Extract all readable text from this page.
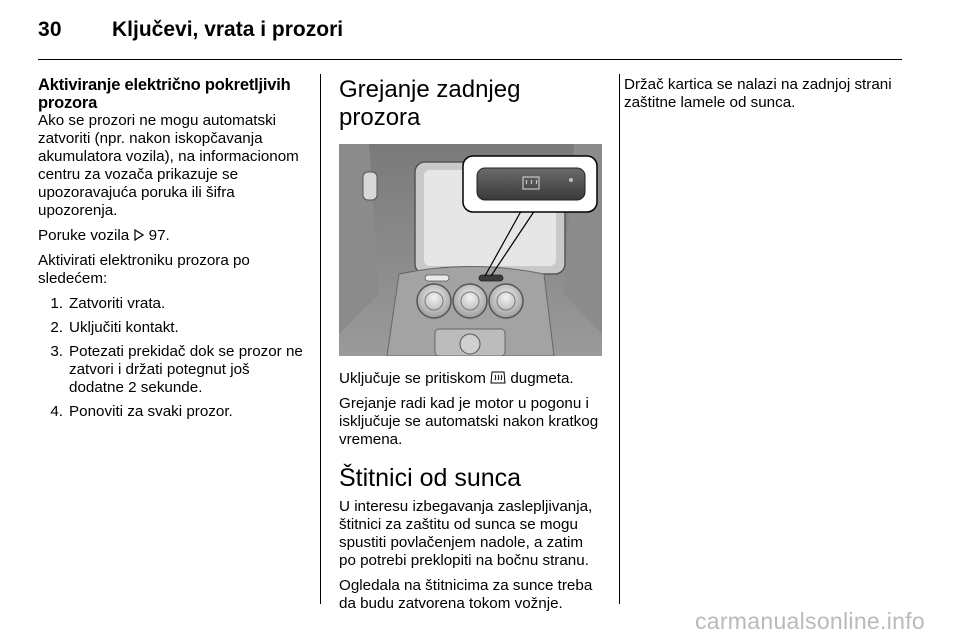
30 Ključevi, vrata i prozori
Aktiviranje električno pokretljivih prozora

Ako se prozori ne mogu automatski zatvoriti (npr. nakon iskopčavanja akumulatora vozila), na informacionom centru za vozača prikazuje se upozoravajuća poruka ili šifra upozorenja.

Poruke vozila 97.

Aktivirati elektroniku prozora po sledećem:

1. Zatvoriti vrata.
2. Uključiti kontakt.
3. Potezati prekidač dok se prozor ne zatvori i držati potegnut još dodatne 2 sekunde.
4. Ponoviti za svaki prozor.
Grejanje zadnjeg prozora

Uključuje se pritiskom dugmeta.

Grejanje radi kad je motor u pogonu i isključuje se automatski nakon kratkog vremena.

Štitnici od sunca

U interesu izbegavanja zaslepljivanja, štitnici za zaštitu od sunca se mogu spustiti povlačenjem nadole, a zatim po potrebi preklopiti na bočnu stranu.

Ogledala na štitnicima za sunce treba da budu zatvorena tokom vožnje.

Držač kartica se nalazi na zadnjoj strani zaštitne lamele od sunca.

carmanualsonline.info
